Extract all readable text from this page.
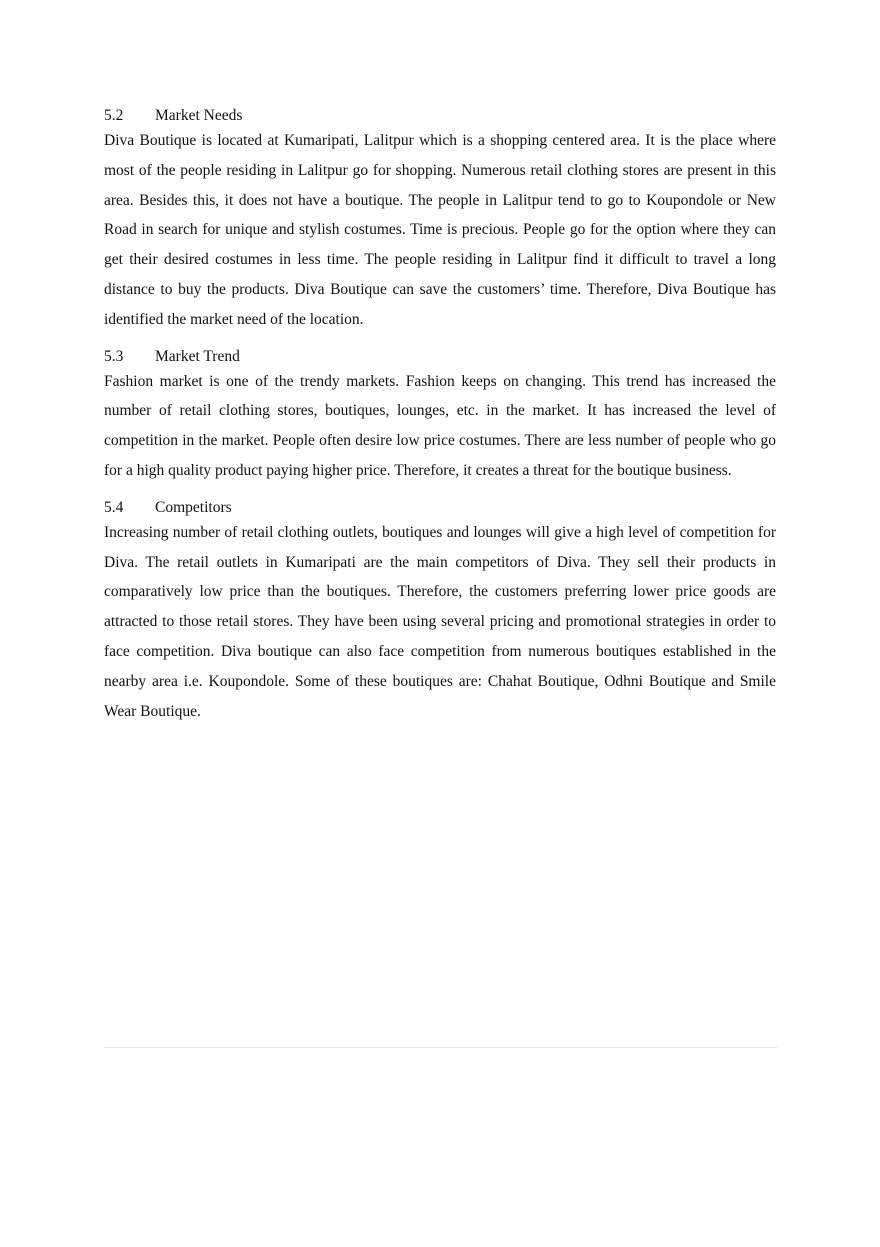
5.2	Market Needs

Diva Boutique is located at Kumaripati, Lalitpur which is a shopping centered area. It is the place where most of the people residing in Lalitpur go for shopping. Numerous retail clothing stores are present in this area. Besides this, it does not have a boutique. The people in Lalitpur tend to go to Koupondole or New Road in search for unique and stylish costumes. Time is precious. People go for the option where they can get their desired costumes in less time. The people residing in Lalitpur find it difficult to travel a long distance to buy the products. Diva Boutique can save the customers’ time. Therefore, Diva Boutique has identified the market need of the location.

5.3	Market Trend

Fashion market is one of the trendy markets. Fashion keeps on changing. This trend has increased the number of retail clothing stores, boutiques, lounges, etc. in the market. It has increased the level of competition in the market. People often desire low price costumes. There are less number of people who go for a high quality product paying higher price. Therefore, it creates a threat for the boutique business.

5.4	Competitors

Increasing number of retail clothing outlets, boutiques and lounges will give a high level of competition for Diva. The retail outlets in Kumaripati are the main competitors of Diva. They sell their products in comparatively low price than the boutiques. Therefore, the customers preferring lower price goods are attracted to those retail stores. They have been using several pricing and promotional strategies in order to face competition. Diva boutique can also face competition from numerous boutiques established in the nearby area i.e. Koupondole. Some of these boutiques are: Chahat Boutique, Odhni Boutique and Smile Wear Boutique.
